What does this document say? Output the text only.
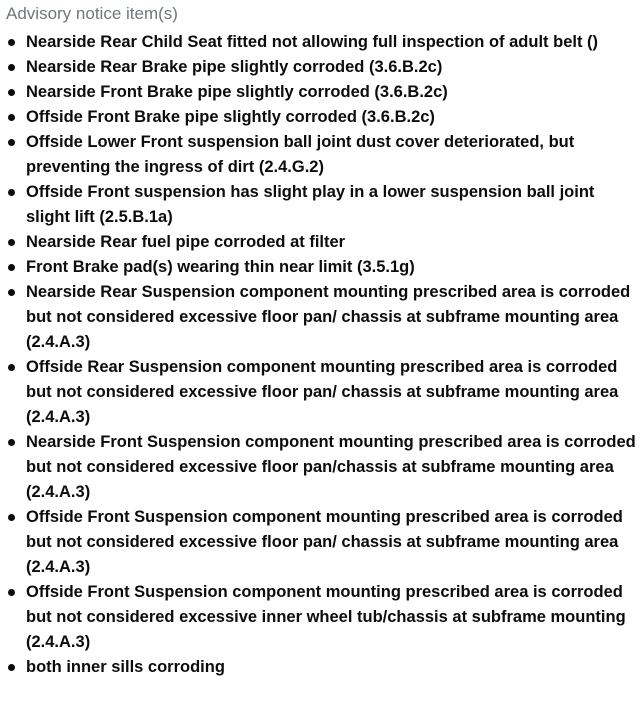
Advisory notice item(s)
Nearside Rear Child Seat fitted not allowing full inspection of adult belt ()
Nearside Rear Brake pipe slightly corroded (3.6.B.2c)
Nearside Front Brake pipe slightly corroded (3.6.B.2c)
Offside Front Brake pipe slightly corroded (3.6.B.2c)
Offside Lower Front suspension ball joint dust cover deteriorated, but preventing the ingress of dirt (2.4.G.2)
Offside Front suspension has slight play in a lower suspension ball joint slight lift (2.5.B.1a)
Nearside Rear fuel pipe corroded at filter
Front Brake pad(s) wearing thin near limit (3.5.1g)
Nearside Rear Suspension component mounting prescribed area is corroded but not considered excessive floor pan/ chassis at subframe mounting area (2.4.A.3)
Offside Rear Suspension component mounting prescribed area is corroded but not considered excessive floor pan/ chassis at subframe mounting area (2.4.A.3)
Nearside Front Suspension component mounting prescribed area is corroded but not considered excessive floor pan/chassis at subframe mounting area (2.4.A.3)
Offside Front Suspension component mounting prescribed area is corroded but not considered excessive floor pan/ chassis at subframe mounting area (2.4.A.3)
Offside Front Suspension component mounting prescribed area is corroded but not considered excessive inner wheel tub/chassis at subframe mounting (2.4.A.3)
both inner sills corroding
